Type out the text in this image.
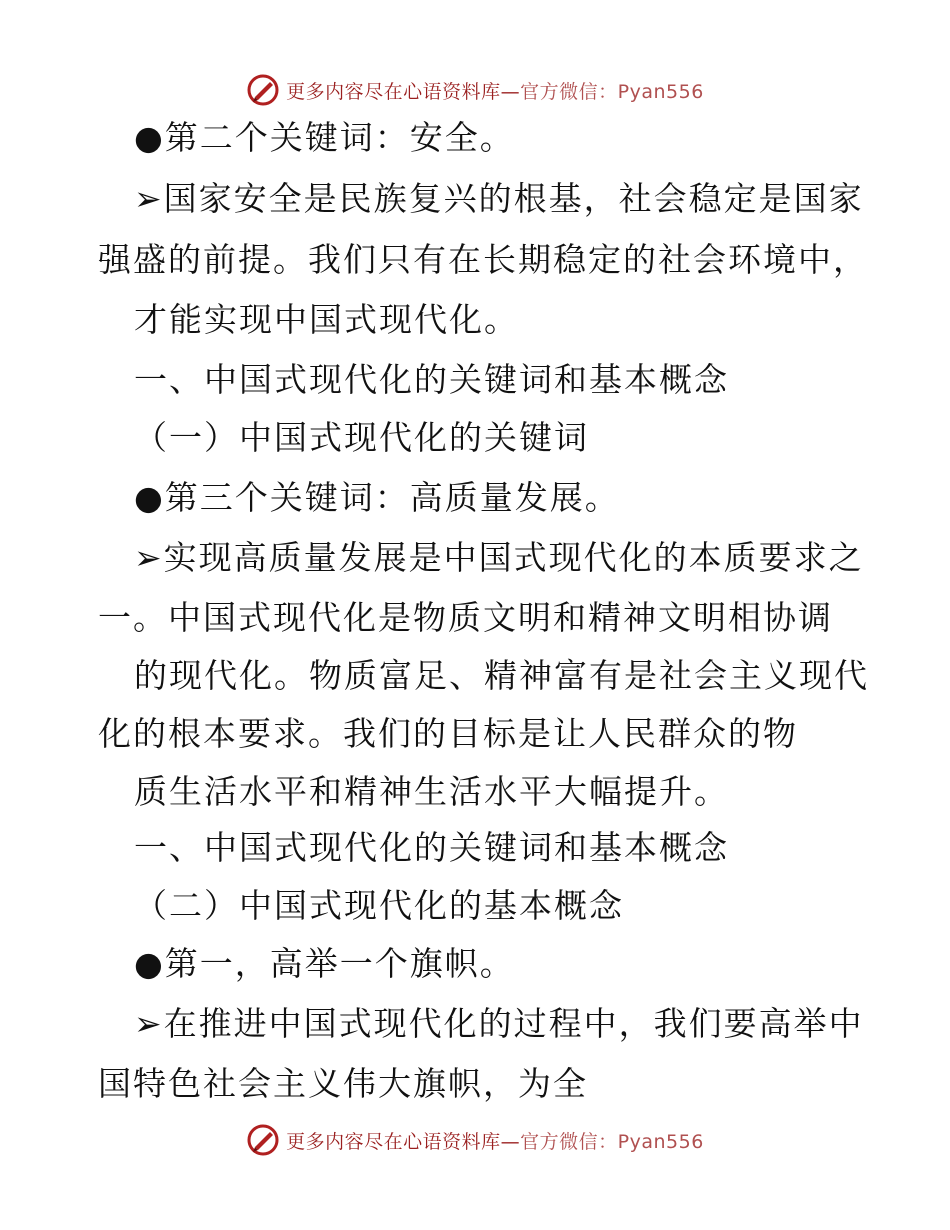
更多内容尽在心语资料库—官方微信：Pyan556
●第二个关键词：安全。
➢国家安全是民族复兴的根基，社会稳定是国家
强盛的前提。我们只有在长期稳定的社会环境中，
才能实现中国式现代化。
一、中国式现代化的关键词和基本概念
（一）中国式现代化的关键词
●第三个关键词：高质量发展。
➢实现高质量发展是中国式现代化的本质要求之
一。中国式现代化是物质文明和精神文明相协调
的现代化。物质富足、精神富有是社会主义现代
化的根本要求。我们的目标是让人民群众的物
质生活水平和精神生活水平大幅提升。
一、中国式现代化的关键词和基本概念
（二）中国式现代化的基本概念
●第一，高举一个旗帜。
➢在推进中国式现代化的过程中，我们要高举中
国特色社会主义伟大旗帜，为全
更多内容尽在心语资料库—官方微信：Pyan556
